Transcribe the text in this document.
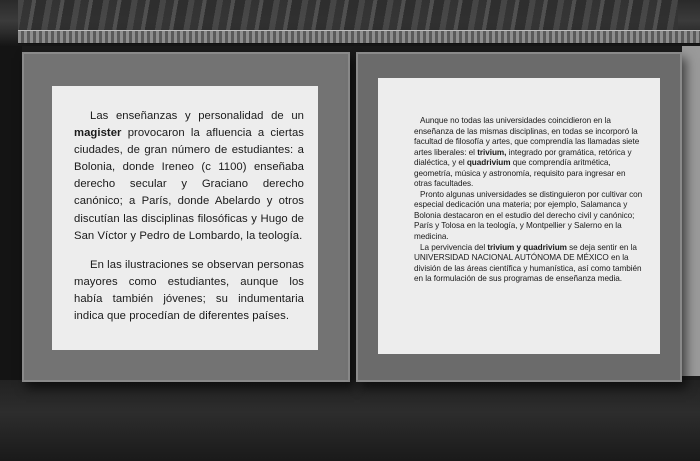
Las enseñanzas y personalidad de un magister provocaron la afluencia a ciertas ciudades, de gran número de estudiantes: a Bolonia, donde Ireneo (c 1100) enseñaba derecho secular y Graciano derecho canónico; a París, donde Abelardo y otros discutían las disciplinas filosóficas y Hugo de San Víctor y Pedro de Lombardo, la teología.

En las ilustraciones se observan personas mayores como estudiantes, aunque los había también jóvenes; su indumentaria indica que procedían de diferentes países.

Aunque no todas las universidades coincidieron en la enseñanza de las mismas disciplinas, en todas se incorporó la facultad de filosofía y artes, que comprendía las llamadas siete artes liberales: el trivium, integrado por gramática, retórica y dialéctica, y el quadrivium que comprendía aritmética, geometría, música y astronomía, requisito para ingresar en otras facultades.

Pronto algunas universidades se distinguieron por cultivar con especial dedicación una materia; por ejemplo, Salamanca y Bolonia destacaron en el estudio del derecho civil y canónico; París y Tolosa en la teología, y Montpellier y Salerno en la medicina.

La pervivencia del trivium y quadrivium se deja sentir en la UNIVERSIDAD NACIONAL AUTÓNOMA DE MÉXICO en la división de las áreas científica y humanística, así como también en la formulación de sus programas de enseñanza media.
